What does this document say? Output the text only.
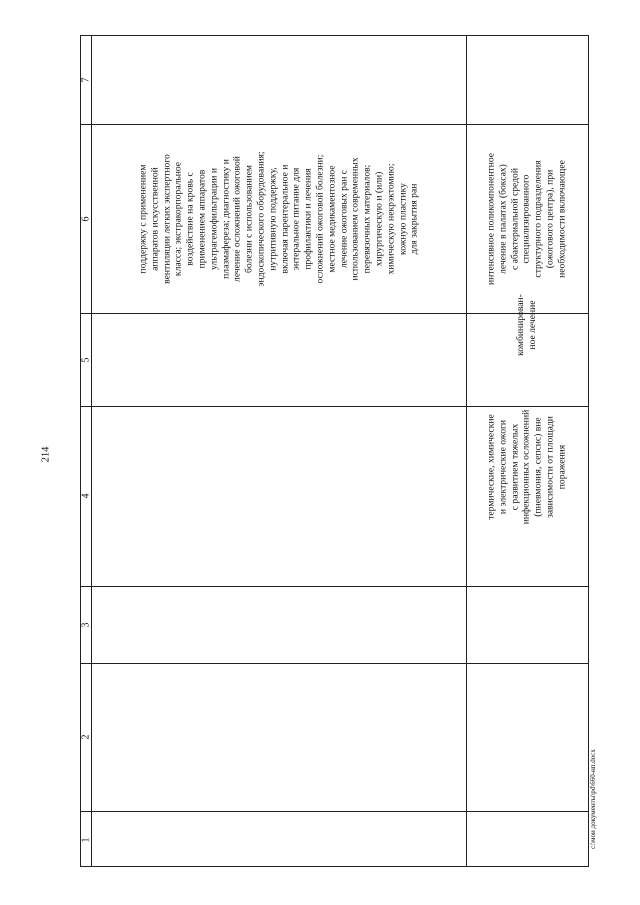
214
7
6
5
4
3
2
1
поддержку с применением аппаратов искусственной вентиляции легких экспертного класса; экстракорпоральное воздействие на кровь с применением аппаратов ультрагемофильтрации и плазмафереза; диагностику и лечение осложнений ожоговой болезни с использованием эндоскопического оборудования; нутритивную поддержку, включая парентеральное и энтеральное питание для профилактики и лечения осложнений ожоговой болезни; местное медикаментозное лечение ожоговых ран с использованием современных перевязочных материалов; хирургическую и (или) химическую некрэктомию; кожную пластику для закрытия ран
термические, химические и электрические ожоги с развитием тяжелых инфекционных осложнений (пневмония, сепсис) вне зависимости от площади поражения
комбинирован- ное лечение
интенсивное поликомпонентное лечение в палатах (боксах) с абактериальной средой специализированного структурного подразделения (ожогового центра), при необходимости включающее
c:\мои документы\pd\660-нп.docx
